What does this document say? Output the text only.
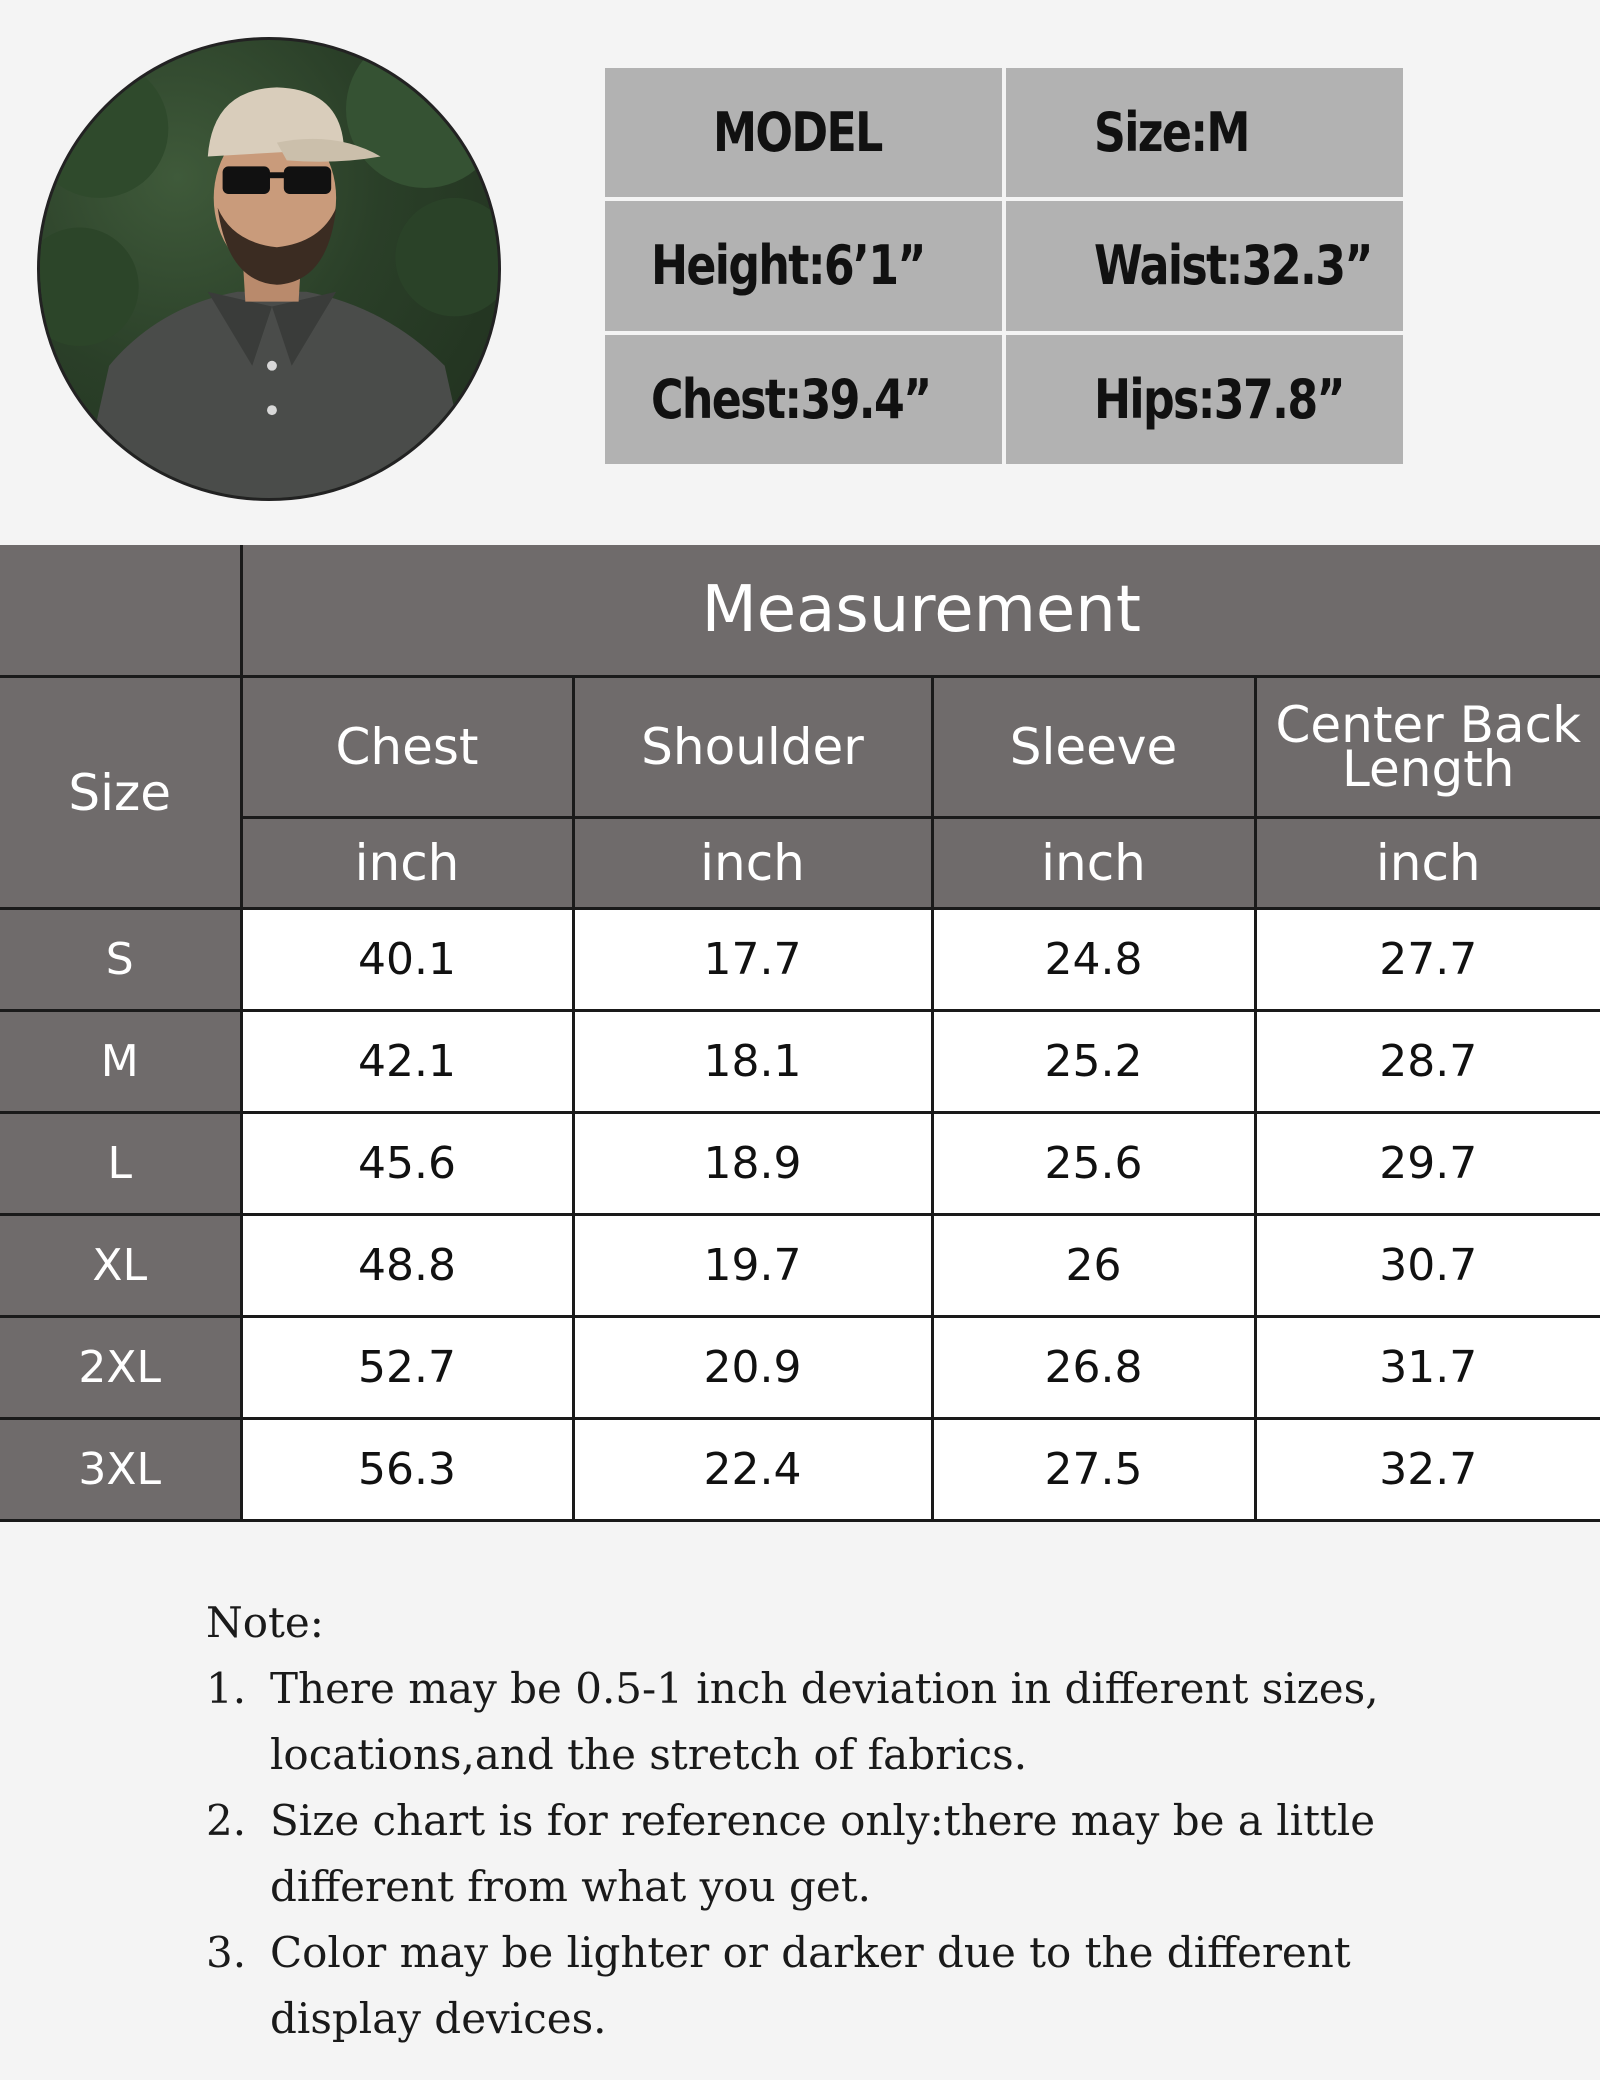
MODEL	Size:M
Height:6’1”	Waist:32.3”
Chest:39.4”	Hips:37.8”
	Measurement			
Size	Chest	Shoulder	Sleeve	Center Back
Length
	inch	inch	inch	inch
S	40.1	17.7	24.8	27.7
M	42.1	18.1	25.2	28.7
L	45.6	18.9	25.6	29.7
XL	48.8	19.7	26	30.7
2XL	52.7	20.9	26.8	31.7
3XL	56.3	22.4	27.5	32.7

Note:

1. There may be 0.5-1 inch deviation in different sizes,
locations,and the stretch of fabrics.
2. Size chart is for reference only:there may be a little
different from what you get.
3. Color may be lighter or darker due to the different
display devices.
